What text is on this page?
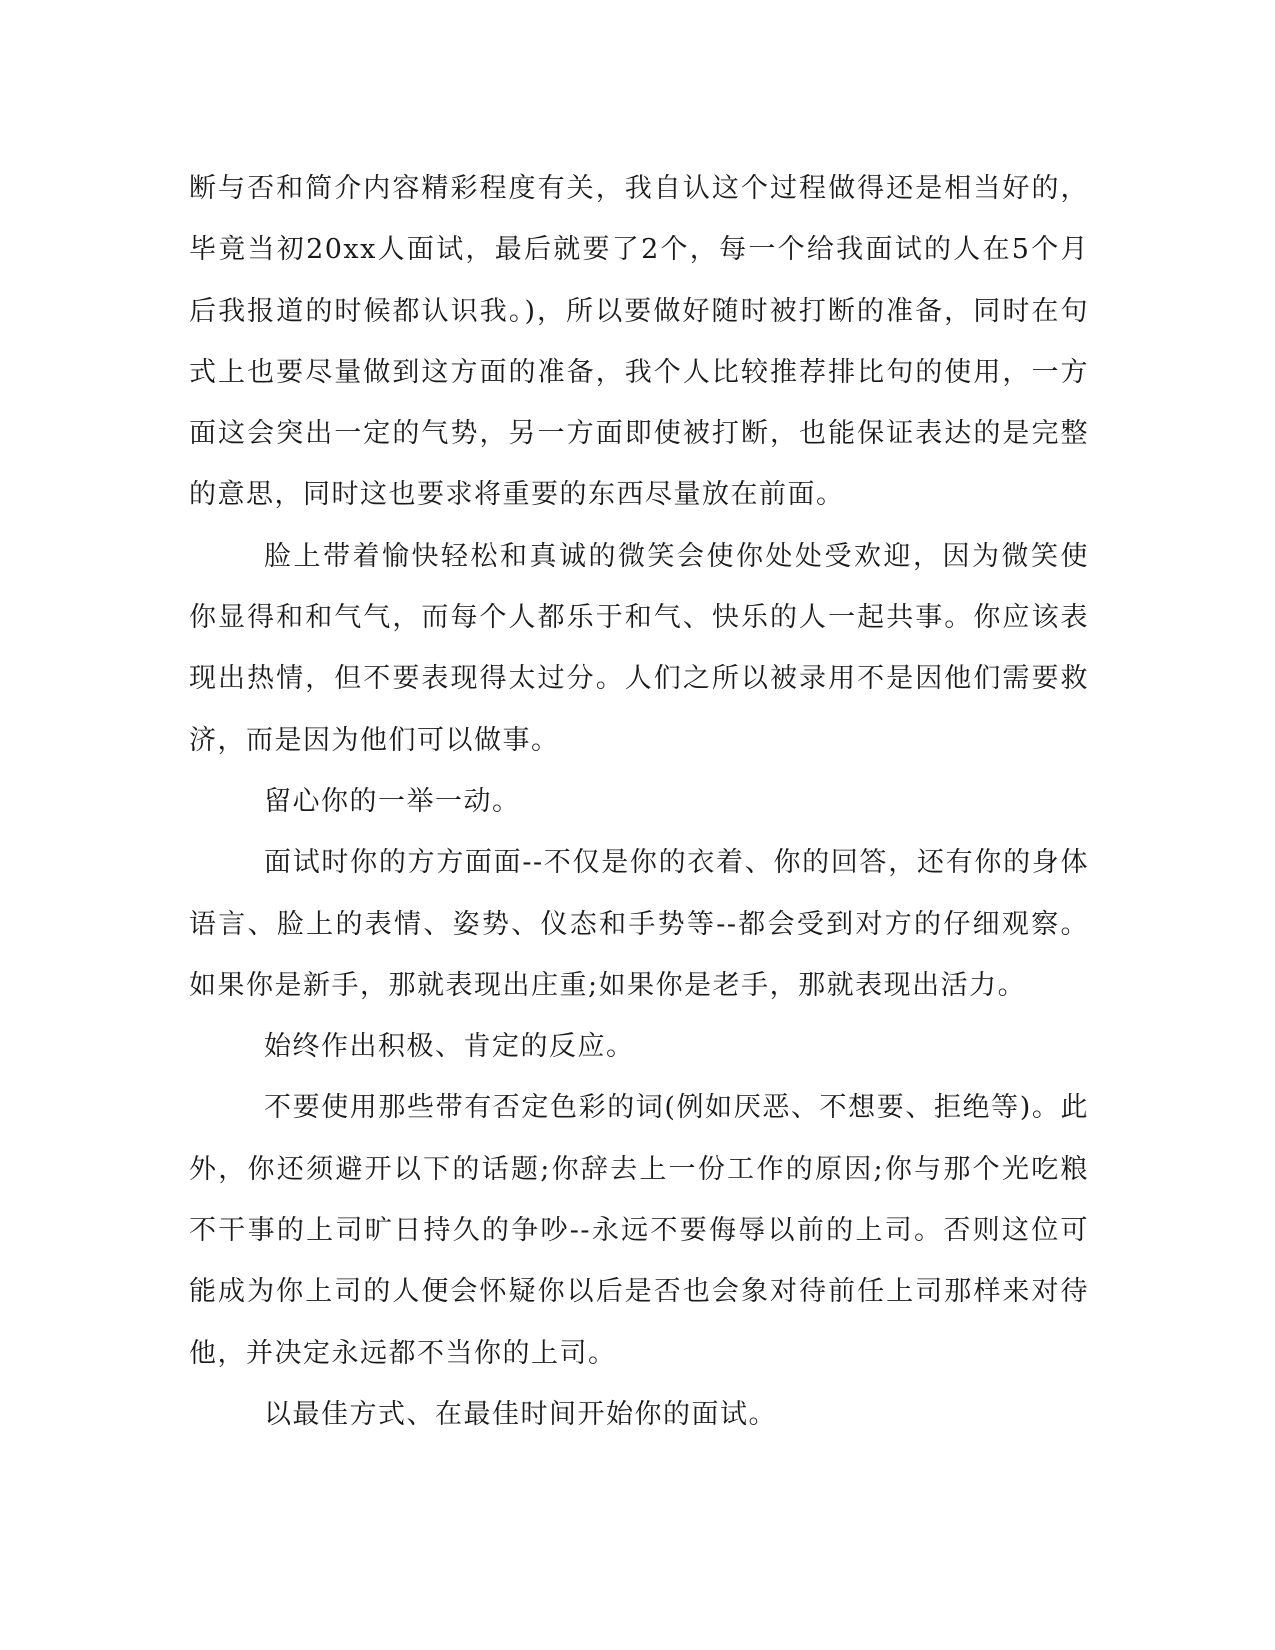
断与否和简介内容精彩程度有关，我自认这个过程做得还是相当好的，毕竟当初20xx人面试，最后就要了2个，每一个给我面试的人在5个月后我报道的时候都认识我。)，所以要做好随时被打断的准备，同时在句式上也要尽量做到这方面的准备，我个人比较推荐排比句的使用，一方面这会突出一定的气势，另一方面即使被打断，也能保证表达的是完整的意思，同时这也要求将重要的东西尽量放在前面。

脸上带着愉快轻松和真诚的微笑会使你处处受欢迎，因为微笑使你显得和和气气，而每个人都乐于和气、快乐的人一起共事。你应该表现出热情，但不要表现得太过分。人们之所以被录用不是因他们需要救济，而是因为他们可以做事。

留心你的一举一动。

面试时你的方方面面--不仅是你的衣着、你的回答，还有你的身体语言、脸上的表情、姿势、仪态和手势等--都会受到对方的仔细观察。如果你是新手，那就表现出庄重;如果你是老手，那就表现出活力。

始终作出积极、肯定的反应。

不要使用那些带有否定色彩的词(例如厌恶、不想要、拒绝等)。此外，你还须避开以下的话题;你辞去上一份工作的原因;你与那个光吃粮不干事的上司旷日持久的争吵--永远不要侮辱以前的上司。否则这位可能成为你上司的人便会怀疑你以后是否也会象对待前任上司那样来对待他，并决定永远都不当你的上司。

以最佳方式、在最佳时间开始你的面试。
